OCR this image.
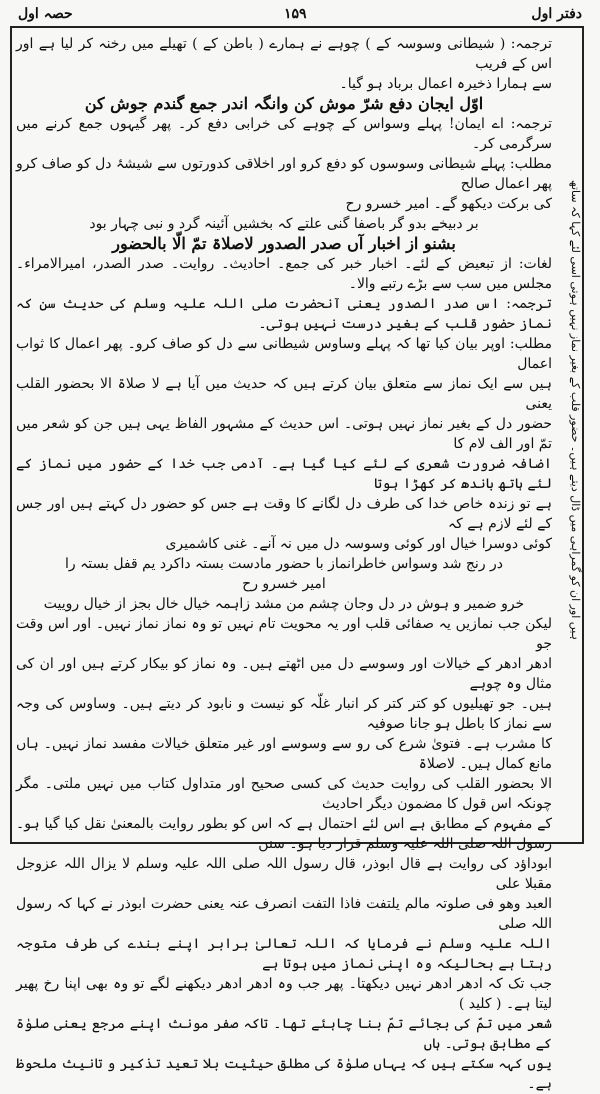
حصہ اول	۱۵۹	دفتر اول
ہیں اور ان کو گمراہی میں ڈال دیتے ہیں۔ حضور قلب کے بغیر نماز نہیں ہوتی اسی لئے کہا کہ ساتھ

ترجمہ: ( شیطانی وسوسہ کے ) چوہے نے ہمارے ( باطن کے ) تھیلے میں رخنہ کر لیا ہے اور اس کے فریب

سے ہمارا ذخیرہ اعمال برباد ہو گیا۔

اوّل ایجان دفع شرّ موش کن وانگہ اندر جمع گندم جوش کن

ترجمہ: اے ایمان! پہلے وسواس کے چوہے کی خرابی دفع کر۔ پھر گیہوں جمع کرنے میں سرگرمی کر۔

مطلب: پہلے شیطانی وسوسوں کو دفع کرو اور اخلاقی کدورتوں سے شیشۂ دل کو صاف کرو پھر اعمال صالح

کی برکت دیکھو گے۔ امیر خسرو رح

بر دبیخے بدو گر باصفا گنی علتے کہ بخشیں آئینہ گرد و نبی چہار بود

بشنو از اخبار آں صدر الصدور لاصلاۃ تمّ الّا بالحضور

لغات: از تبعیض کے لئے۔ اخبار خبر کی جمع۔ احادیث۔ روایت۔ صدر الصدر، امیرالامراء۔ مجلس میں سب سے بڑے رتبے والا۔

ترجمہ: اس صدر الصدور یعنی آنحضرت صلی اللہ علیہ وسلم کی حدیث سن کہ نماز حضور قلب کے بغیر درست نہیں ہوتی۔

مطلب: اوپر بیان کیا تھا کہ پہلے وساوس شیطانی سے دل کو صاف کرو۔ پھر اعمال کا ثواب اعمال

ہیں سے ایک نماز سے متعلق بیان کرتے ہیں کہ حدیث میں آیا ہے لا صلاۃ الا بحضور القلب یعنی

حضور دل کے بغیر نماز نہیں ہوتی۔ اس حدیث کے مشہور الفاظ یہی ہیں جن کو شعر میں تمّ اور الف لام کا

اضافہ ضرورت شعری کے لئے کیا گیا ہے۔ آدمی جب خدا کے حضور میں نماز کے لئے ہاتھ باندھ کر کھڑا ہوتا

ہے تو زندہ خاص خدا کی طرف دل لگانے کا وقت ہے جس کو حضور دل کہتے ہیں اور جس کے لئے لازم ہے کہ

کوئی دوسرا خیال اور کوئی وسوسہ دل میں نہ آنے۔ غنی کاشمیری

در رنج شد وسواس خاطرانماز با حضور مادست بستہ داکرد یم قفل بستہ را

امیر خسرو رح

خرو ضمیر و ہوش در دل وجان چشم من مشد زاہمہ خیال خال بجز از خیال روییت

لیکن جب نمازیں یہ صفائی قلب اور یہ محویت تام نہیں تو وہ نماز نماز نہیں۔ اور اس وقت جو

ادھر ادھر کے خیالات اور وسوسے دل میں اٹھتے ہیں۔ وہ نماز کو بیکار کرتے ہیں اور ان کی مثال وہ چوہے

ہیں۔ جو تھیلیوں کو کتر کتر کر انبار غلّہ کو نیست و نابود کر دیتے ہیں۔ وساوس کی وجہ سے نماز کا باطل ہو جانا صوفیہ

کا مشرب ہے۔ فتویٰ شرع کی رو سے وسوسے اور غیر متعلق خیالات مفسد نماز نہیں۔ ہاں مانع کمال ہیں۔ لاصلاۃ

الا بحضور القلب کی روایت حدیث کی کسی صحیح اور متداول کتاب میں نہیں ملتی۔ مگر چونکہ اس قول کا مضمون دیگر احادیث

کے مفہوم کے مطابق ہے اس لئے احتمال ہے کہ اس کو بطور روایت بالمعنیٰ نقل کیا گیا ہو۔ رسول اللہ صلی اللہ علیہ وسلم قرار دیا ہو۔ سنن

ابوداؤد کی روایت ہے قال ابوذر، قال رسول اللہ صلی اللہ علیہ وسلم لا یزال اللہ عزوجل مقبلا علی

العبد وھو فی صلوتہ مالم یلتفت فاذا التفت انصرف عنہ یعنی حضرت ابوذر نے کہا کہ رسول اللہ صلی

اللہ علیہ وسلم نے فرمایا کہ اللہ تعالیٰ برابر اپنے بندے کی طرف متوجہ رہتا ہے بحالیکہ وہ اپنی نماز میں ہوتا ہے

جب تک کہ ادھر ادھر نہیں دیکھتا۔ پھر جب وہ ادھر ادھر دیکھنے لگے تو وہ بھی اپنا رخ پھیر لیتا ہے۔ ( کلید )

شعر میں تمّ کی بجائے تمّ بنا چاہئے تھا۔ تاکہ صفر مونث اپنے مرجع یعنی صلوٰۃ کے مطابق ہوتی۔ ہاں

یوں کہہ سکتے ہیں کہ یہاں صلوٰۃ کی مطلق حیثیت بلا تعید تذکیر و تانیث ملحوظ ہے۔
